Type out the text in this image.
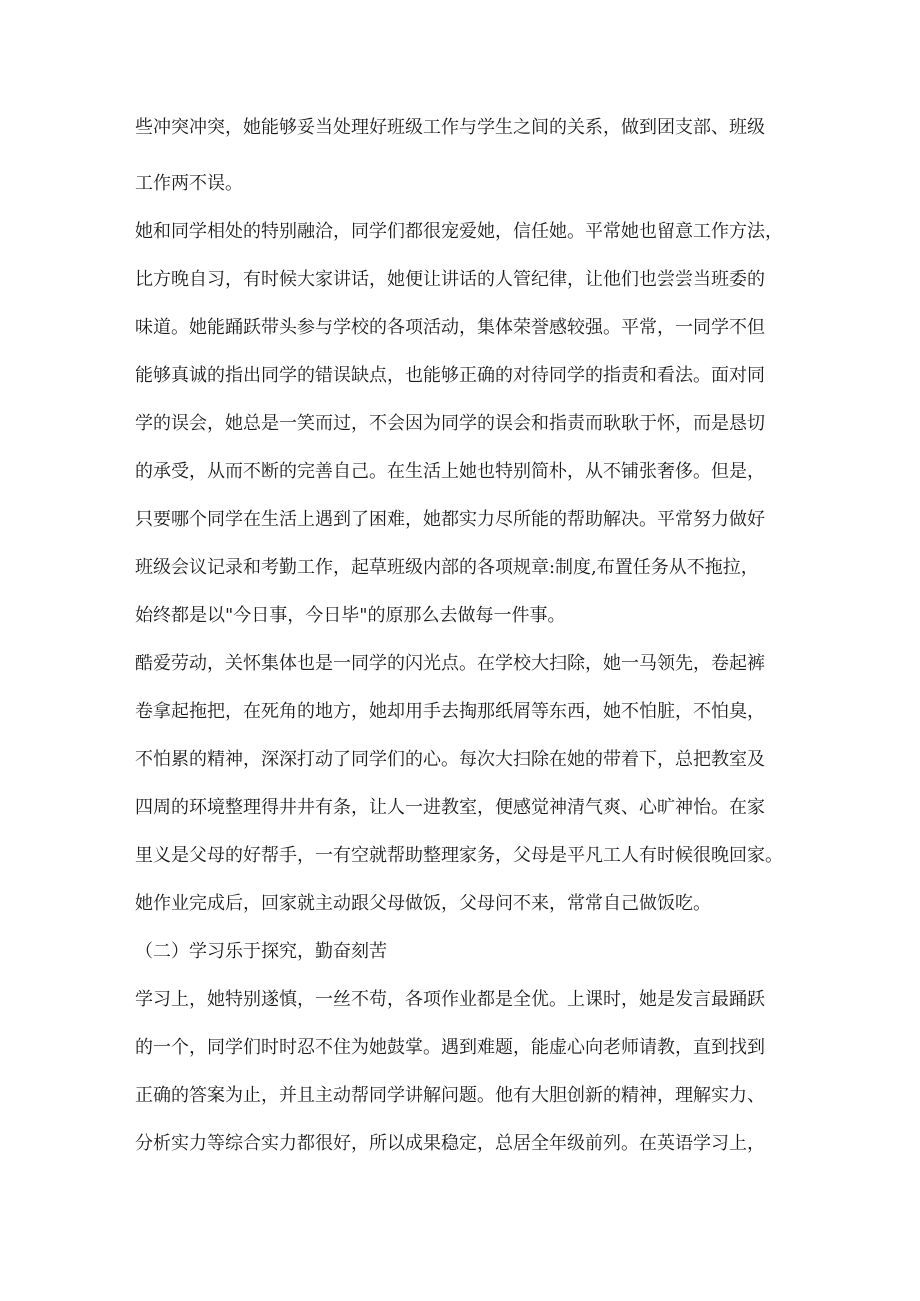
些冲突冲突，她能够妥当处理好班级工作与学生之间的关系，做到团支部、班级
工作两不误。
她和同学相处的特别融洽，同学们都很宠爱她，信任她。平常她也留意工作方法，
比方晚自习，有时候大家讲话，她便让讲话的人管纪律，让他们也尝尝当班委的
味道。她能踊跃带头参与学校的各项活动，集体荣誉感较强。平常，一同学不但
能够真诚的指出同学的错误缺点，也能够正确的对待同学的指责和看法。面对同
学的误会，她总是一笑而过，不会因为同学的误会和指责而耿耿于怀，而是恳切
的承受，从而不断的完善自己。在生活上她也特别简朴，从不铺张奢侈。但是，
只要哪个同学在生活上遇到了困难，她都实力尽所能的帮助解决。平常努力做好
班级会议记录和考勤工作，起草班级内部的各项规章:制度,布置任务从不拖拉，
始终都是以"今日事，今日毕"的原那么去做每一件事。
酷爱劳动，关怀集体也是一同学的闪光点。在学校大扫除，她一马领先，卷起裤
卷拿起拖把，在死角的地方，她却用手去掏那纸屑等东西，她不怕脏，不怕臭，
不怕累的精神，深深打动了同学们的心。每次大扫除在她的带着下，总把教室及
四周的环境整理得井井有条，让人一进教室，便感觉神清气爽、心旷神怡。在家
里义是父母的好帮手，一有空就帮助整理家务，父母是平凡工人有时候很晚回家。
她作业完成后，回家就主动跟父母做饭，父母问不来，常常自己做饭吃。
（二）学习乐于探究，勤奋刻苦
学习上，她特别遂慎，一丝不苟，各项作业都是全优。上课时，她是发言最踊跃
的一个，同学们时时忍不住为她鼓掌。遇到难题，能虚心向老师请教，直到找到
正确的答案为止，并且主动帮同学讲解问题。他有大胆创新的精神，理解实力、
分析实力等综合实力都很好，所以成果稳定，总居全年级前列。在英语学习上，
